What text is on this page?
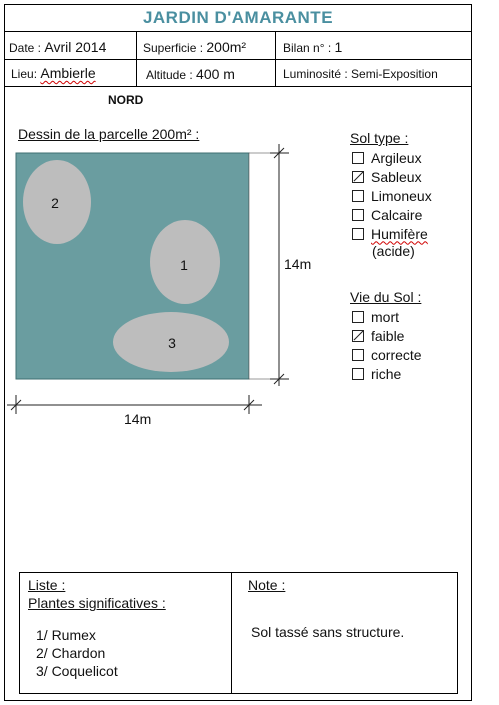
JARDIN D'AMARANTE
Date : Avril 2014	Superficie : 200m²	Bilan n° : 1
Lieu: Ambierle	Altitude : 400 m	Luminosité : Semi-Exposition
NORD
Dessin de la parcelle 200m² :
2
1
3
14m
14m
Sol type :
Argileux
Sableux
Limoneux
Calcaire
Humifère
(acide)
Vie du Sol :
mort
faible
correcte
riche
Liste :
Plantes significatives :
1/ Rumex
2/ Chardon
3/ Coquelicot
Note :
Sol tassé sans structure.
